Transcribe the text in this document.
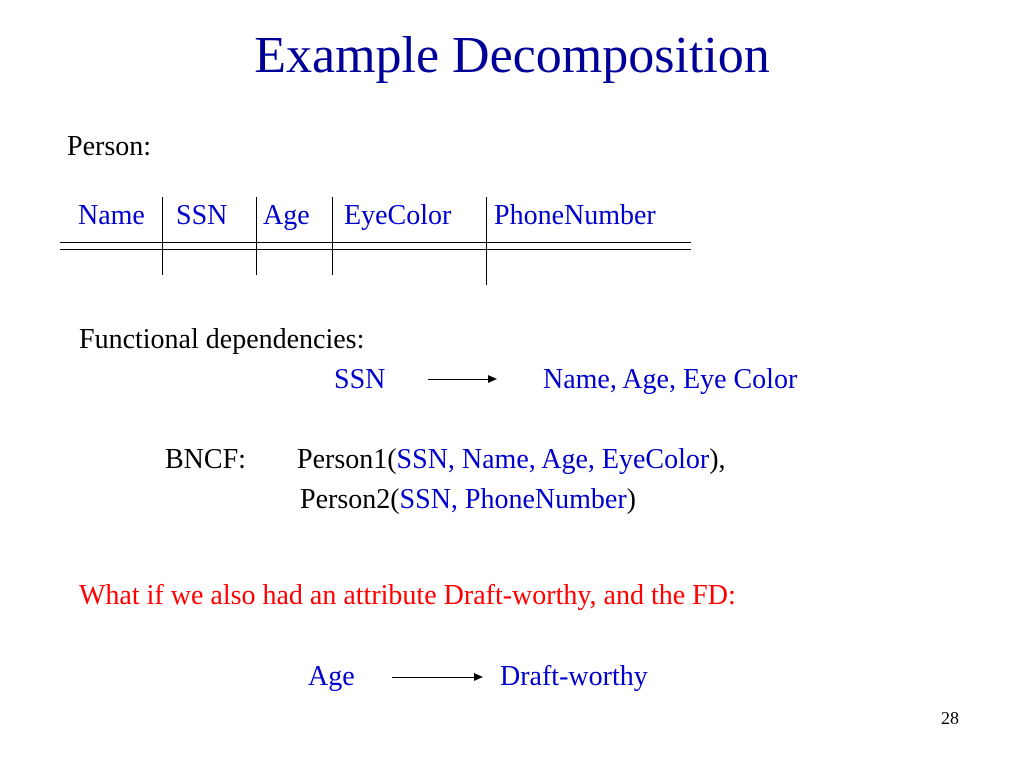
Example Decomposition
Person:
Name SSN Age EyeColor PhoneNumber
Functional dependencies:
SSN	Name, Age, Eye Color
BNCF: Person1(SSN, Name, Age, EyeColor),
Person2(SSN, PhoneNumber)
What if we also had an attribute Draft-worthy, and the FD:
Age	Draft-worthy
28
